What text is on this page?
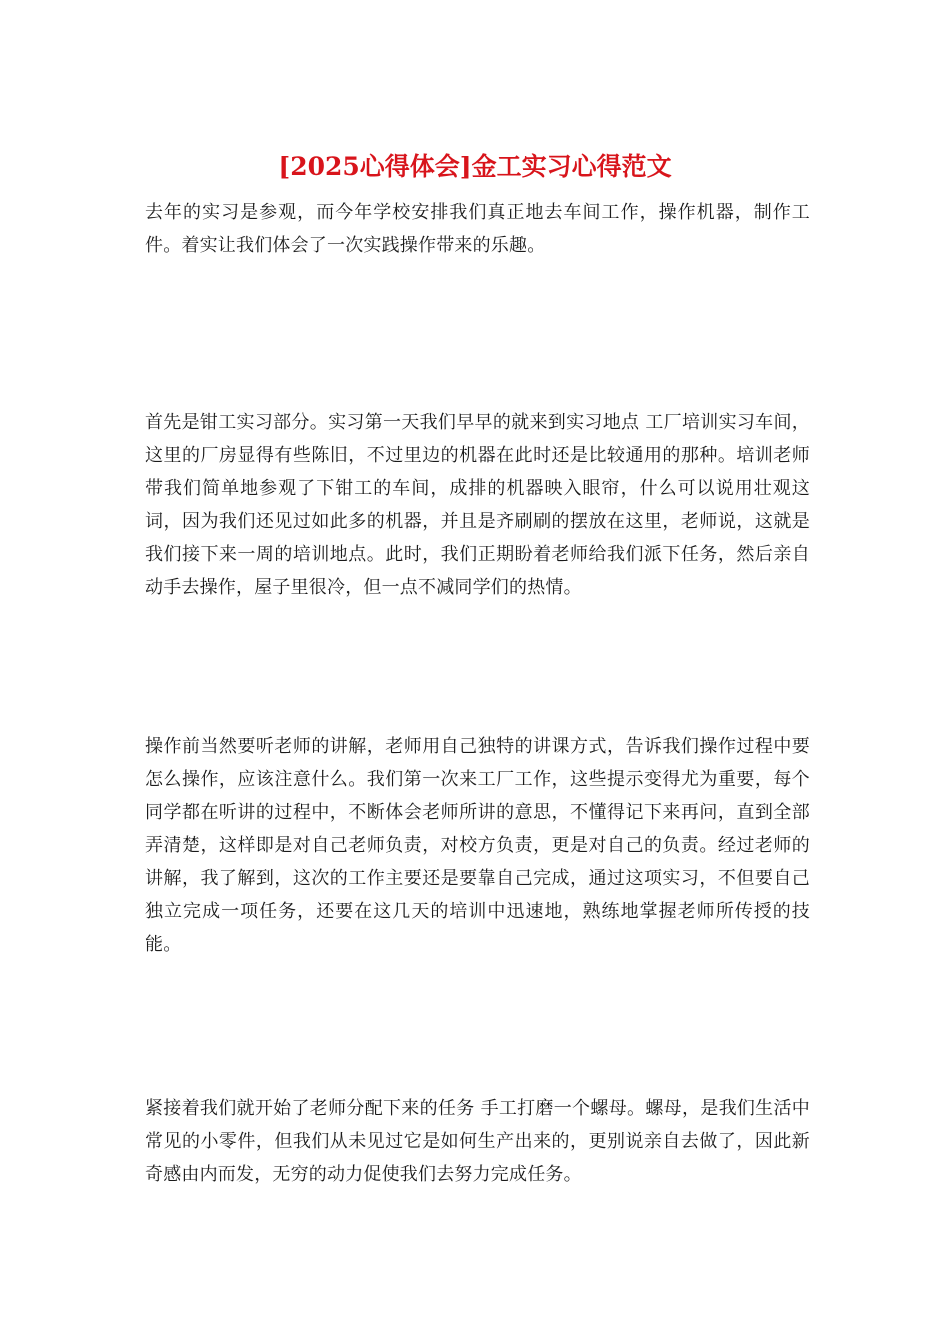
[2025心得体会]金工实习心得范文

去年的实习是参观，而今年学校安排我们真正地去车间工作，操作机器，制作工件。着实让我们体会了一次实践操作带来的乐趣。

首先是钳工实习部分。实习第一天我们早早的就来到实习地点 工厂培训实习车间，这里的厂房显得有些陈旧，不过里边的机器在此时还是比较通用的那种。培训老师带我们简单地参观了下钳工的车间，成排的机器映入眼帘，什么可以说用壮观这词，因为我们还见过如此多的机器，并且是齐刷刷的摆放在这里，老师说，这就是我们接下来一周的培训地点。此时，我们正期盼着老师给我们派下任务，然后亲自动手去操作，屋子里很冷，但一点不减同学们的热情。

操作前当然要听老师的讲解，老师用自己独特的讲课方式，告诉我们操作过程中要怎么操作，应该注意什么。我们第一次来工厂工作，这些提示变得尤为重要，每个同学都在听讲的过程中，不断体会老师所讲的意思，不懂得记下来再问，直到全部弄清楚，这样即是对自己老师负责，对校方负责，更是对自己的负责。经过老师的讲解，我了解到，这次的工作主要还是要靠自己完成，通过这项实习，不但要自己独立完成一项任务，还要在这几天的培训中迅速地，熟练地掌握老师所传授的技能。

紧接着我们就开始了老师分配下来的任务 手工打磨一个螺母。螺母，是我们生活中常见的小零件，但我们从未见过它是如何生产出来的，更别说亲自去做了，因此新奇感由内而发，无穷的动力促使我们去努力完成任务。
